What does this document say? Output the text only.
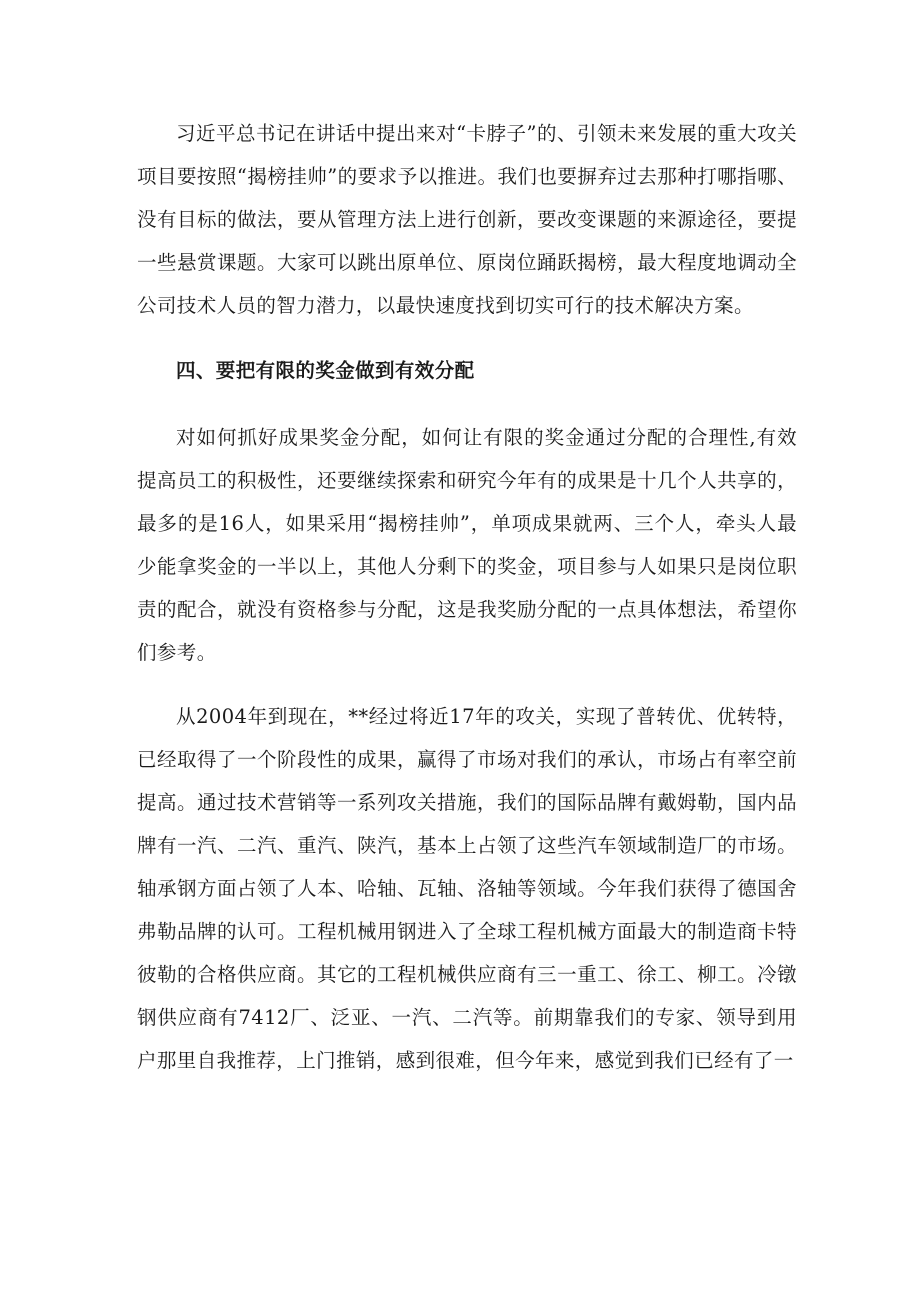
习近平总书记在讲话中提出来对“卡脖子”的、引领未来发展的重大攻关项目要按照“揭榜挂帅”的要求予以推进。我们也要摒弃过去那种打哪指哪、没有目标的做法，要从管理方法上进行创新，要改变课题的来源途径，要提一些悬赏课题。大家可以跳出原单位、原岗位踊跃揭榜，最大程度地调动全公司技术人员的智力潜力，以最快速度找到切实可行的技术解决方案。

四、要把有限的奖金做到有效分配

对如何抓好成果奖金分配，如何让有限的奖金通过分配的合理性,有效提高员工的积极性，还要继续探索和研究今年有的成果是十几个人共享的，最多的是16人，如果采用“揭榜挂帅”，单项成果就两、三个人，牵头人最少能拿奖金的一半以上，其他人分剩下的奖金，项目参与人如果只是岗位职责的配合，就没有资格参与分配，这是我奖励分配的一点具体想法，希望你们参考。

从2004年到现在，**经过将近17年的攻关，实现了普转优、优转特，已经取得了一个阶段性的成果，赢得了市场对我们的承认，市场占有率空前提高。通过技术营销等一系列攻关措施，我们的国际品牌有戴姆勒，国内品牌有一汽、二汽、重汽、陕汽，基本上占领了这些汽车领域制造厂的市场。轴承钢方面占领了人本、哈轴、瓦轴、洛轴等领域。今年我们获得了德国舍弗勒品牌的认可。工程机械用钢进入了全球工程机械方面最大的制造商卡特彼勒的合格供应商。其它的工程机械供应商有三一重工、徐工、柳工。冷镦钢供应商有7412厂、泛亚、一汽、二汽等。前期靠我们的专家、领导到用户那里自我推荐，上门推销，感到很难，但今年来，感觉到我们已经有了一
